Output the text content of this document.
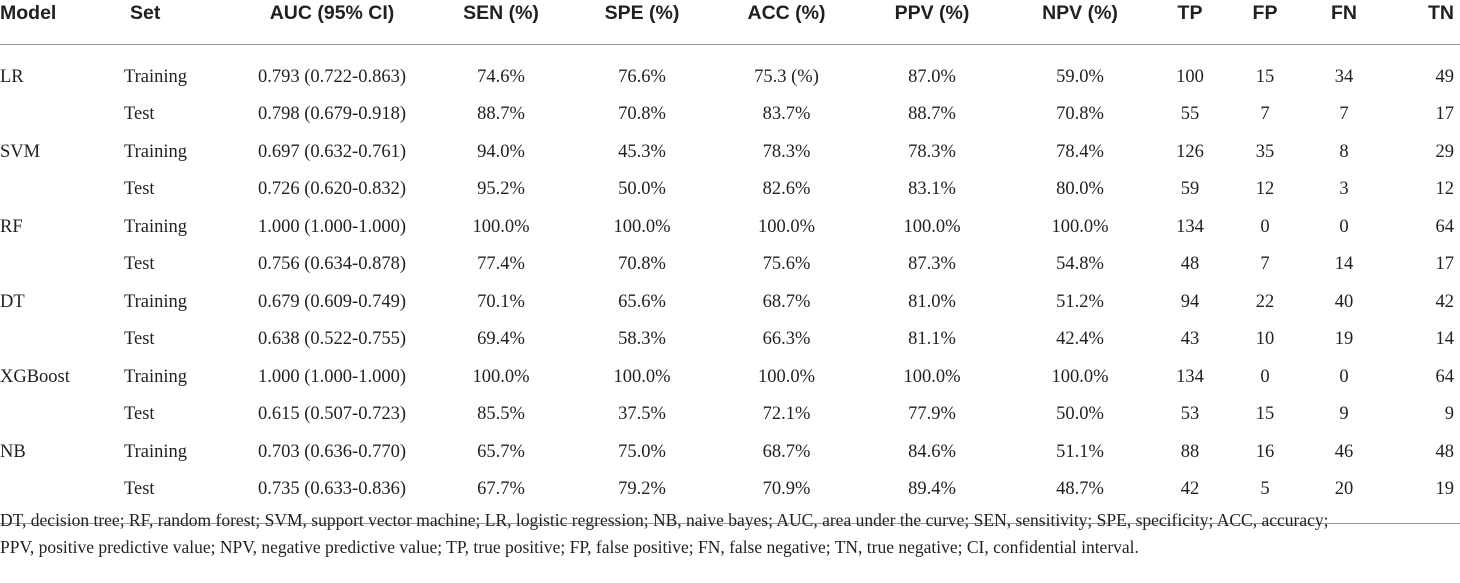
Model	Set	AUC (95% CI)	SEN (%)	SPE (%)	ACC (%)	PPV (%)	NPV (%)	TP	FP	FN	TN

LR	Training	0.793 (0.722-0.863)	74.6%	76.6%	75.3 (%)	87.0%	59.0%	100	15	34	49
	Test	0.798 (0.679-0.918)	88.7%	70.8%	83.7%	88.7%	70.8%	55	7	7	17
SVM	Training	0.697 (0.632-0.761)	94.0%	45.3%	78.3%	78.3%	78.4%	126	35	8	29
	Test	0.726 (0.620-0.832)	95.2%	50.0%	82.6%	83.1%	80.0%	59	12	3	12
RF	Training	1.000 (1.000-1.000)	100.0%	100.0%	100.0%	100.0%	100.0%	134	0	0	64
	Test	0.756 (0.634-0.878)	77.4%	70.8%	75.6%	87.3%	54.8%	48	7	14	17
DT	Training	0.679 (0.609-0.749)	70.1%	65.6%	68.7%	81.0%	51.2%	94	22	40	42
	Test	0.638 (0.522-0.755)	69.4%	58.3%	66.3%	81.1%	42.4%	43	10	19	14
XGBoost	Training	1.000 (1.000-1.000)	100.0%	100.0%	100.0%	100.0%	100.0%	134	0	0	64
	Test	0.615 (0.507-0.723)	85.5%	37.5%	72.1%	77.9%	50.0%	53	15	9	9
NB	Training	0.703 (0.636-0.770)	65.7%	75.0%	68.7%	84.6%	51.1%	88	16	46	48
	Test	0.735 (0.633-0.836)	67.7%	79.2%	70.9%	89.4%	48.7%	42	5	20	19

DT, decision tree; RF, random forest; SVM, support vector machine; LR, logistic regression; NB, naive bayes; AUC, area under the curve; SEN, sensitivity; SPE, specificity; ACC, accuracy;
PPV, positive predictive value; NPV, negative predictive value; TP, true positive; FP, false positive; FN, false negative; TN, true negative; CI, confidential interval.
